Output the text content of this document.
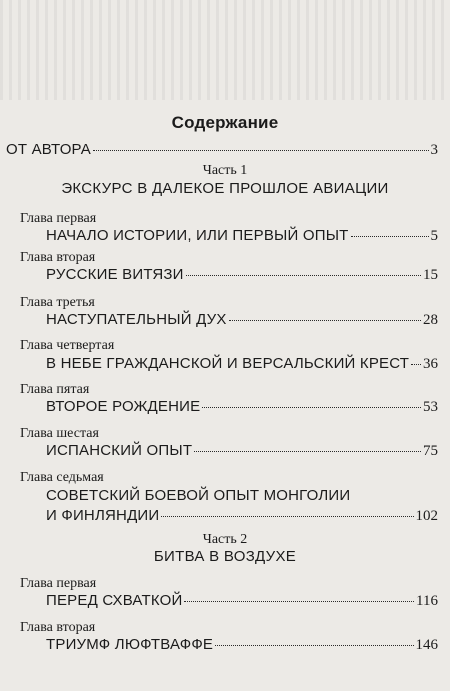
Содержание
ОТ АВТОРА	3
Часть 1
ЭКСКУРС В ДАЛЕКОЕ ПРОШЛОЕ АВИАЦИИ
Глава первая
НАЧАЛО ИСТОРИИ, ИЛИ ПЕРВЫЙ ОПЫТ	5
Глава вторая
РУССКИЕ ВИТЯЗИ	15
Глава третья
НАСТУПАТЕЛЬНЫЙ ДУХ	28
Глава четвертая
В НЕБЕ ГРАЖДАНСКОЙ И ВЕРСАЛЬСКИЙ КРЕСТ 36
Глава пятая
ВТОРОЕ РОЖДЕНИЕ	53
Глава шестая
ИСПАНСКИЙ ОПЫТ	75
Глава седьмая
СОВЕТСКИЙ БОЕВОЙ ОПЫТ МОНГОЛИИ
И ФИНЛЯНДИИ	102
Часть 2
БИТВА В ВОЗДУХЕ
Глава первая
ПЕРЕД СХВАТКОЙ	116
Глава вторая
ТРИУМФ ЛЮФТВАФФЕ	146
